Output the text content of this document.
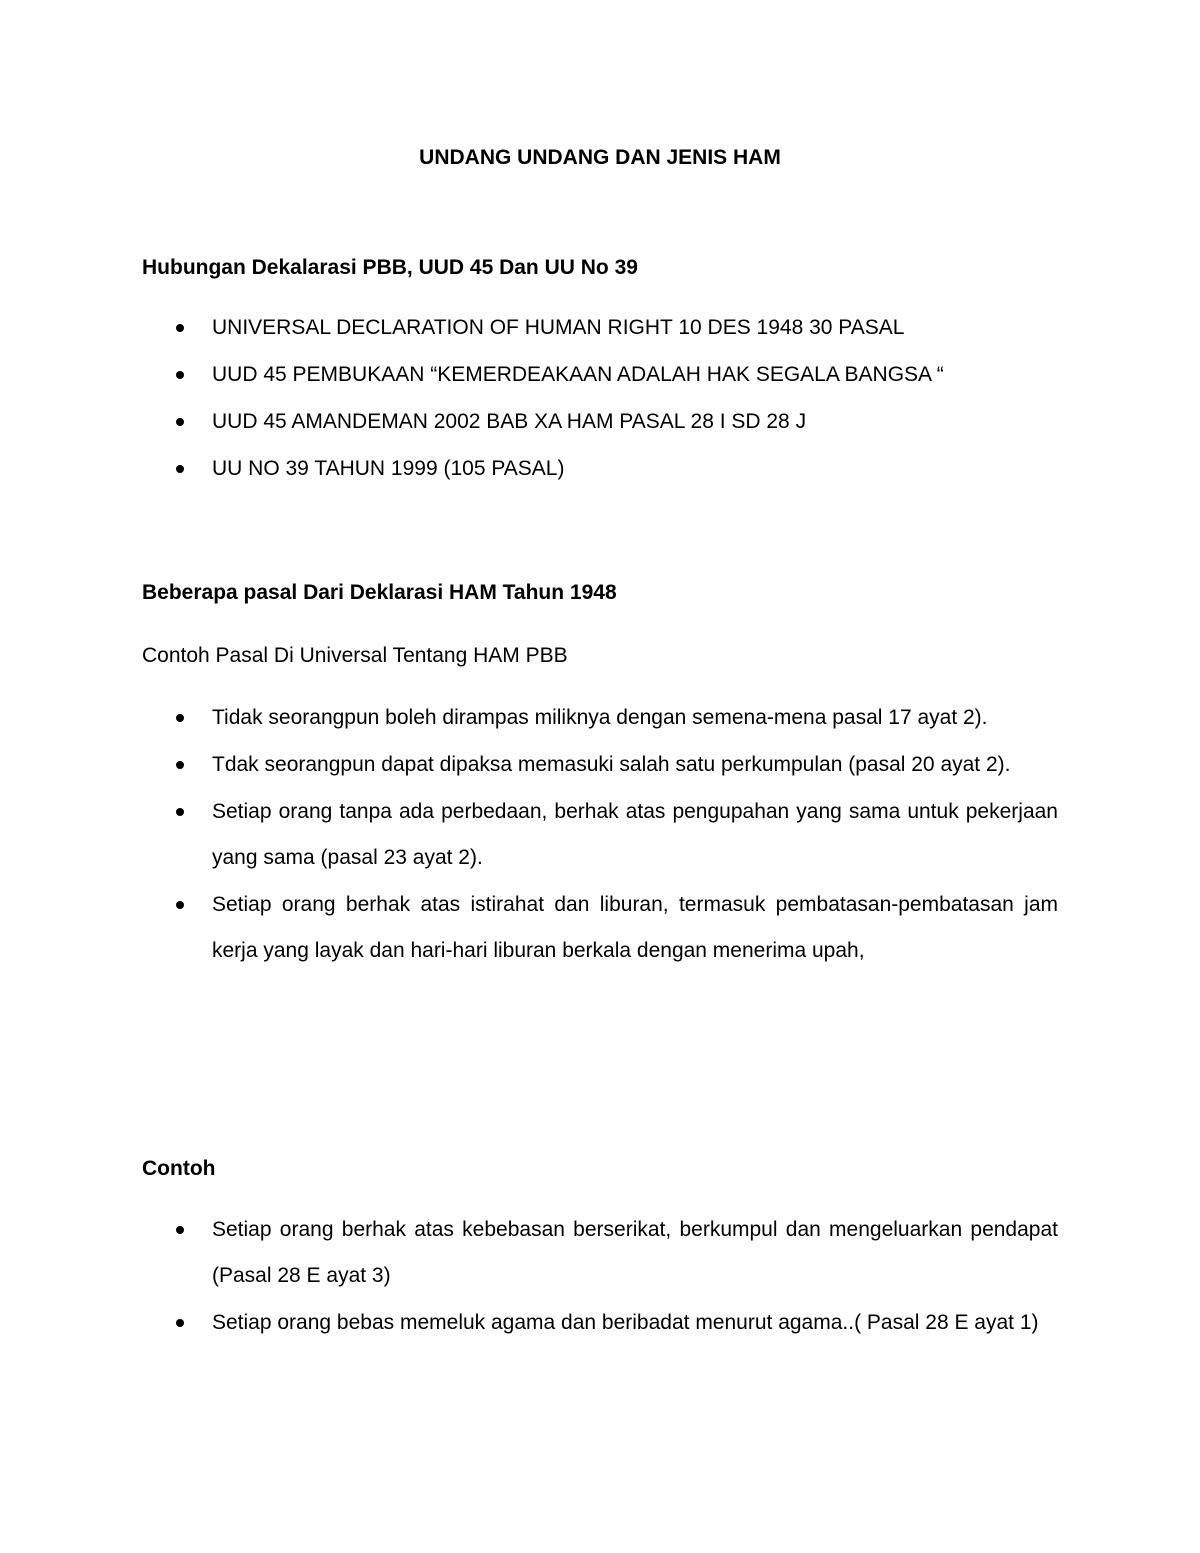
UNDANG UNDANG DAN JENIS HAM
Hubungan Dekalarasi PBB, UUD 45 Dan UU No 39
UNIVERSAL DECLARATION OF HUMAN RIGHT 10 DES 1948 30 PASAL
UUD 45 PEMBUKAAN “KEMERDEAKAAN ADALAH HAK SEGALA BANGSA “
UUD 45 AMANDEMAN 2002 BAB XA HAM PASAL 28 I SD 28 J
UU NO 39 TAHUN 1999 (105 PASAL)
Beberapa pasal Dari Deklarasi HAM Tahun 1948
Contoh Pasal Di Universal Tentang HAM PBB
Tidak seorangpun boleh dirampas miliknya dengan semena-mena pasal 17 ayat 2).
Tdak seorangpun dapat dipaksa memasuki salah satu perkumpulan (pasal 20 ayat 2).
Setiap orang tanpa ada perbedaan, berhak atas pengupahan yang sama untuk pekerjaan yang sama (pasal 23 ayat 2).
Setiap orang berhak atas istirahat dan liburan, termasuk pembatasan-pembatasan jam kerja yang layak dan hari-hari liburan berkala dengan menerima upah,
Contoh
Setiap orang berhak atas kebebasan berserikat, berkumpul dan mengeluarkan pendapat (Pasal 28 E ayat 3)
Setiap orang bebas memeluk agama dan beribadat menurut agama..( Pasal 28 E ayat 1)
